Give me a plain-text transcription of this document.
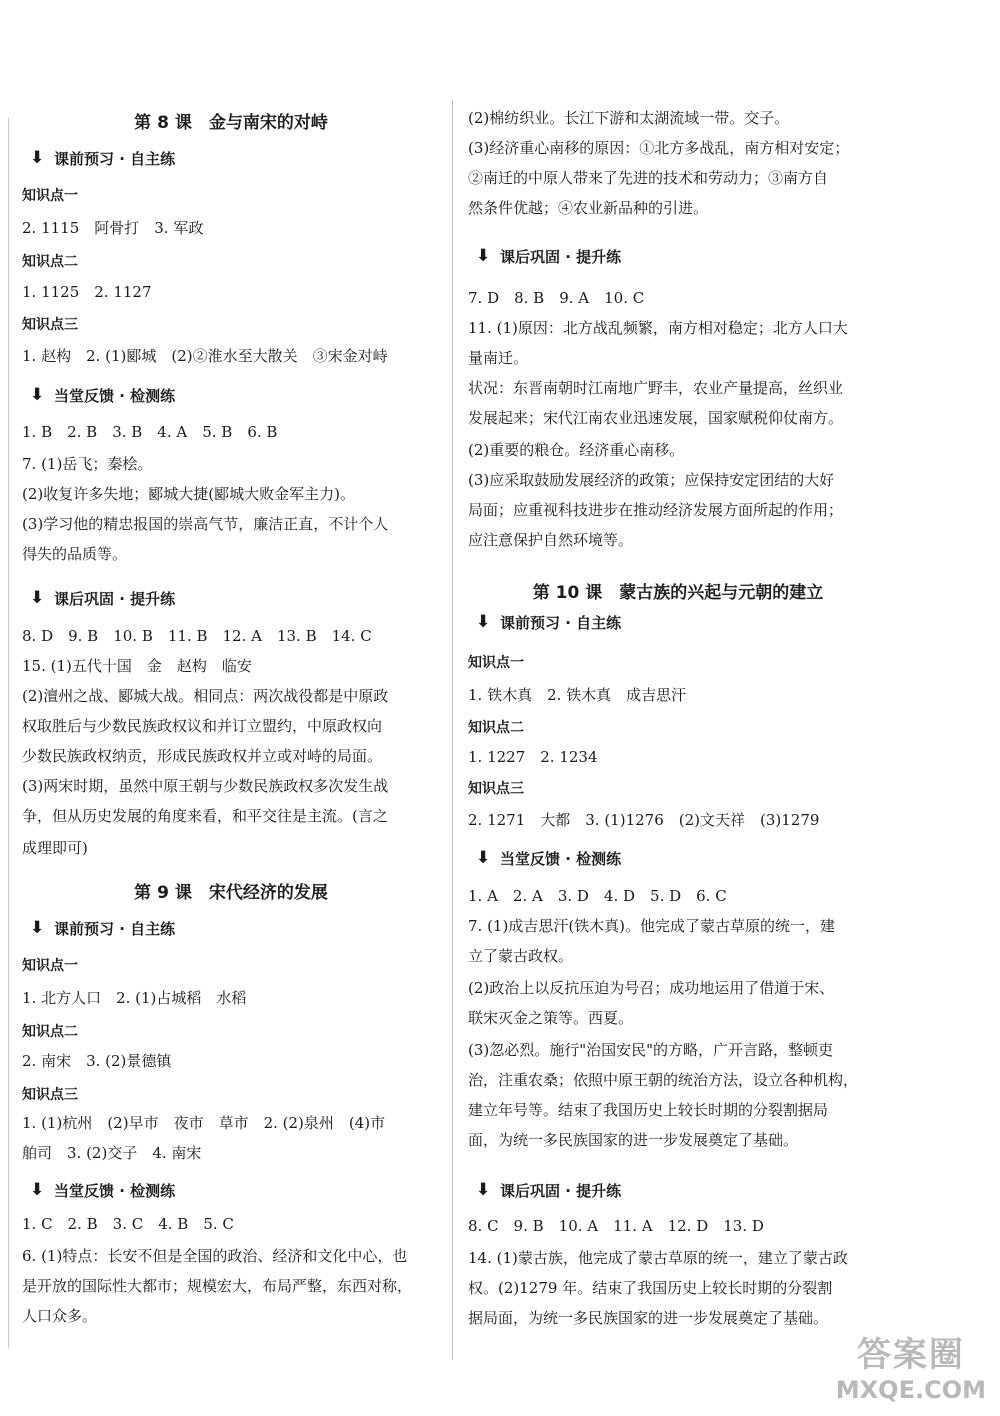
第 8 课　金与南宋的对峙
⬇ 课前预习 · 自主练
知识点一
2. 1115　阿骨打　3. 军政
知识点二
1. 1125　2. 1127
知识点三
1. 赵构　2. (1)郾城　(2)②淮水至大散关　③宋金对峙
⬇ 当堂反馈 · 检测练
1. B　2. B　3. B　4. A　5. B　6. B
7. (1)岳飞；秦桧。
(2)收复许多失地；郾城大捷(郾城大败金军主力)。
(3)学习他的精忠报国的崇高气节，廉洁正直，不计个人
得失的品质等。
⬇ 课后巩固 · 提升练
8. D　9. B　10. B　11. B　12. A　13. B　14. C
15. (1)五代十国　金　赵构　临安
(2)澶州之战、郾城大战。相同点：两次战役都是中原政
权取胜后与少数民族政权议和并订立盟约，中原政权向
少数民族政权纳贡，形成民族政权并立或对峙的局面。
(3)两宋时期，虽然中原王朝与少数民族政权多次发生战
争，但从历史发展的角度来看，和平交往是主流。(言之
成理即可)
第 9 课　宋代经济的发展
⬇ 课前预习 · 自主练
知识点一
1. 北方人口　2. (1)占城稻　水稻
知识点二
2. 南宋　3. (2)景德镇
知识点三
1. (1)杭州　(2)早市　夜市　草市　2. (2)泉州　(4)市
舶司　3. (2)交子　4. 南宋
⬇ 当堂反馈 · 检测练
1. C　2. B　3. C　4. B　5. C
6. (1)特点：长安不但是全国的政治、经济和文化中心，也
是开放的国际性大都市；规模宏大，布局严整，东西对称，
人口众多。
(2)棉纺织业。长江下游和太湖流域一带。交子。
(3)经济重心南移的原因：①北方多战乱，南方相对安定；
②南迁的中原人带来了先进的技术和劳动力；③南方自
然条件优越；④农业新品种的引进。
⬇ 课后巩固 · 提升练
7. D　8. B　9. A　10. C
11. (1)原因：北方战乱频繁，南方相对稳定；北方人口大
量南迁。
状况：东晋南朝时江南地广野丰，农业产量提高，丝织业
发展起来；宋代江南农业迅速发展，国家赋税仰仗南方。
(2)重要的粮仓。经济重心南移。
(3)应采取鼓励发展经济的政策；应保持安定团结的大好
局面；应重视科技进步在推动经济发展方面所起的作用；
应注意保护自然环境等。
第 10 课　蒙古族的兴起与元朝的建立
⬇ 课前预习 · 自主练
知识点一
1. 铁木真　2. 铁木真　成吉思汗
知识点二
1. 1227　2. 1234
知识点三
2. 1271　大都　3. (1)1276　(2)文天祥　(3)1279
⬇ 当堂反馈 · 检测练
1. A　2. A　3. D　4. D　5. D　6. C
7. (1)成吉思汗(铁木真)。他完成了蒙古草原的统一，建
立了蒙古政权。
(2)政治上以反抗压迫为号召；成功地运用了借道于宋、
联宋灭金之策等。西夏。
(3)忽必烈。施行"治国安民"的方略，广开言路，整顿吏
治，注重农桑；依照中原王朝的统治方法，设立各种机构，
建立年号等。结束了我国历史上较长时期的分裂割据局
面，为统一多民族国家的进一步发展奠定了基础。
⬇ 课后巩固 · 提升练
8. C　9. B　10. A　11. A　12. D　13. D
14. (1)蒙古族，他完成了蒙古草原的统一，建立了蒙古政
权。(2)1279 年。结束了我国历史上较长时期的分裂割
据局面，为统一多民族国家的进一步发展奠定了基础。
答案圈
MXQE.COM
